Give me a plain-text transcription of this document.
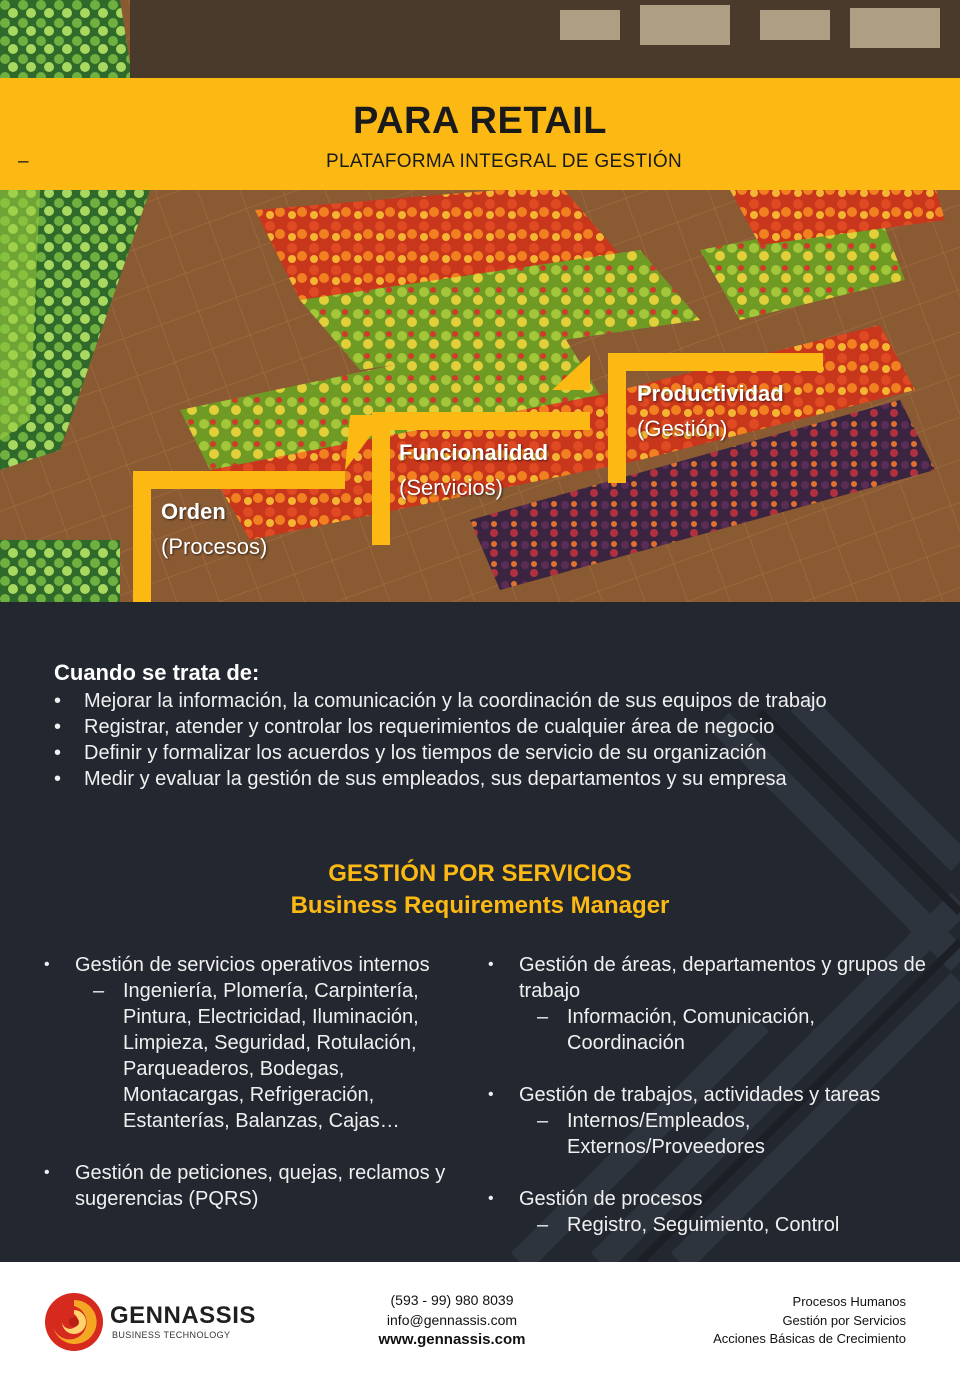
PARA RETAIL
– PLATAFORMA INTEGRAL DE GESTIÓN
Orden
(Procesos)
Funcionalidad
(Servicios)
Productividad
(Gestión)
Cuando se trata de:
• Mejorar la información, la comunicación y la coordinación de sus equipos de trabajo
• Registrar, atender y controlar los requerimientos de cualquier área de negocio
• Definir y formalizar los acuerdos y los tiempos de servicio de su organización
• Medir y evaluar la gestión de sus empleados, sus departamentos y su empresa
GESTIÓN POR SERVICIOS
Business Requirements Manager
• Gestión de servicios operativos internos
– Ingeniería, Plomería, Carpintería, Pintura, Electricidad, Iluminación, Limpieza, Seguridad, Rotulación, Parqueaderos, Bodegas, Montacargas, Refrigeración, Estanterías, Balanzas, Cajas…
• Gestión de peticiones, quejas, reclamos y sugerencias (PQRS)
• Gestión de áreas, departamentos y grupos de trabajo
– Información, Comunicación, Coordinación
• Gestión de trabajos, actividades y tareas
– Internos/Empleados, Externos/Proveedores
• Gestión de procesos
– Registro, Seguimiento, Control
GENNASSIS
BUSINESS TECHNOLOGY
(593 - 99) 980 8039
info@gennassis.com
www.gennassis.com
Procesos Humanos
Gestión por Servicios
Acciones Básicas de Crecimiento
